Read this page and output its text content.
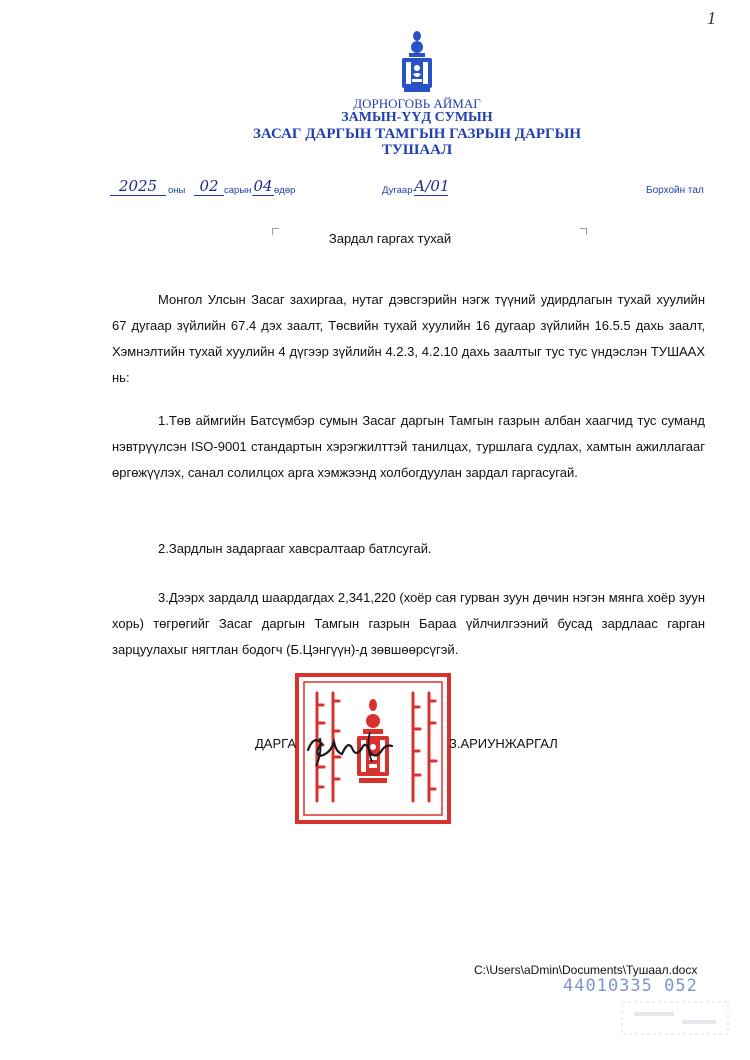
1
ДОРНОГОВЬ АЙМАГ
ЗАМЫН-ҮҮД СУМЫН
ЗАСАГ ДАРГЫН ТАМГЫН ГАЗРЫН ДАРГЫН
ТУШААЛ
2025	оны 02 сарын 04 өдөр	Дугаар А/01	Борхойн тал
Зардал гаргах тухай
Монгол Улсын Засаг захиргаа, нутаг дэвсгэрийн нэгж түүний удирдлагын тухай хуулийн 67 дугаар зүйлийн 67.4 дэх заалт, Төсвийн тухай хуулийн 16 дугаар зүйлийн 16.5.5 дахь заалт, Хэмнэлтийн тухай хуулийн 4 дүгээр зүйлийн 4.2.3, 4.2.10 дахь заалтыг тус тус үндэслэн ТУШААХ нь:
1.Төв аймгийн Батсүмбэр сумын Засаг даргын Тамгын газрын албан хаагчид тус суманд нэвтрүүлсэн ISO-9001 стандартын хэрэгжилттэй танилцах, туршлага судлах, хамтын ажиллагааг өргөжүүлэх, санал солилцох арга хэмжээнд холбогдуулан зардал гаргасугай.
2.Зардлын задаргааг хавсралтаар батлсугай.
3.Дээрх зардалд шаардагдах 2,341,220 (хоёр сая гурван зуун дөчин нэгэн мянга хоёр зуун хорь) төгрөгийг Засаг даргын Тамгын газрын Бараа үйлчилгээний бусад зардлаас гарган зарцуулахыг нягтлан бодогч (Б.Цэнгүүн)-д зөвшөөрсүгэй.
ДАРГА	З.АРИУНЖАРГАЛ
C:\Users\aDmin\Documents\Тушаал.docx
44010335 052
